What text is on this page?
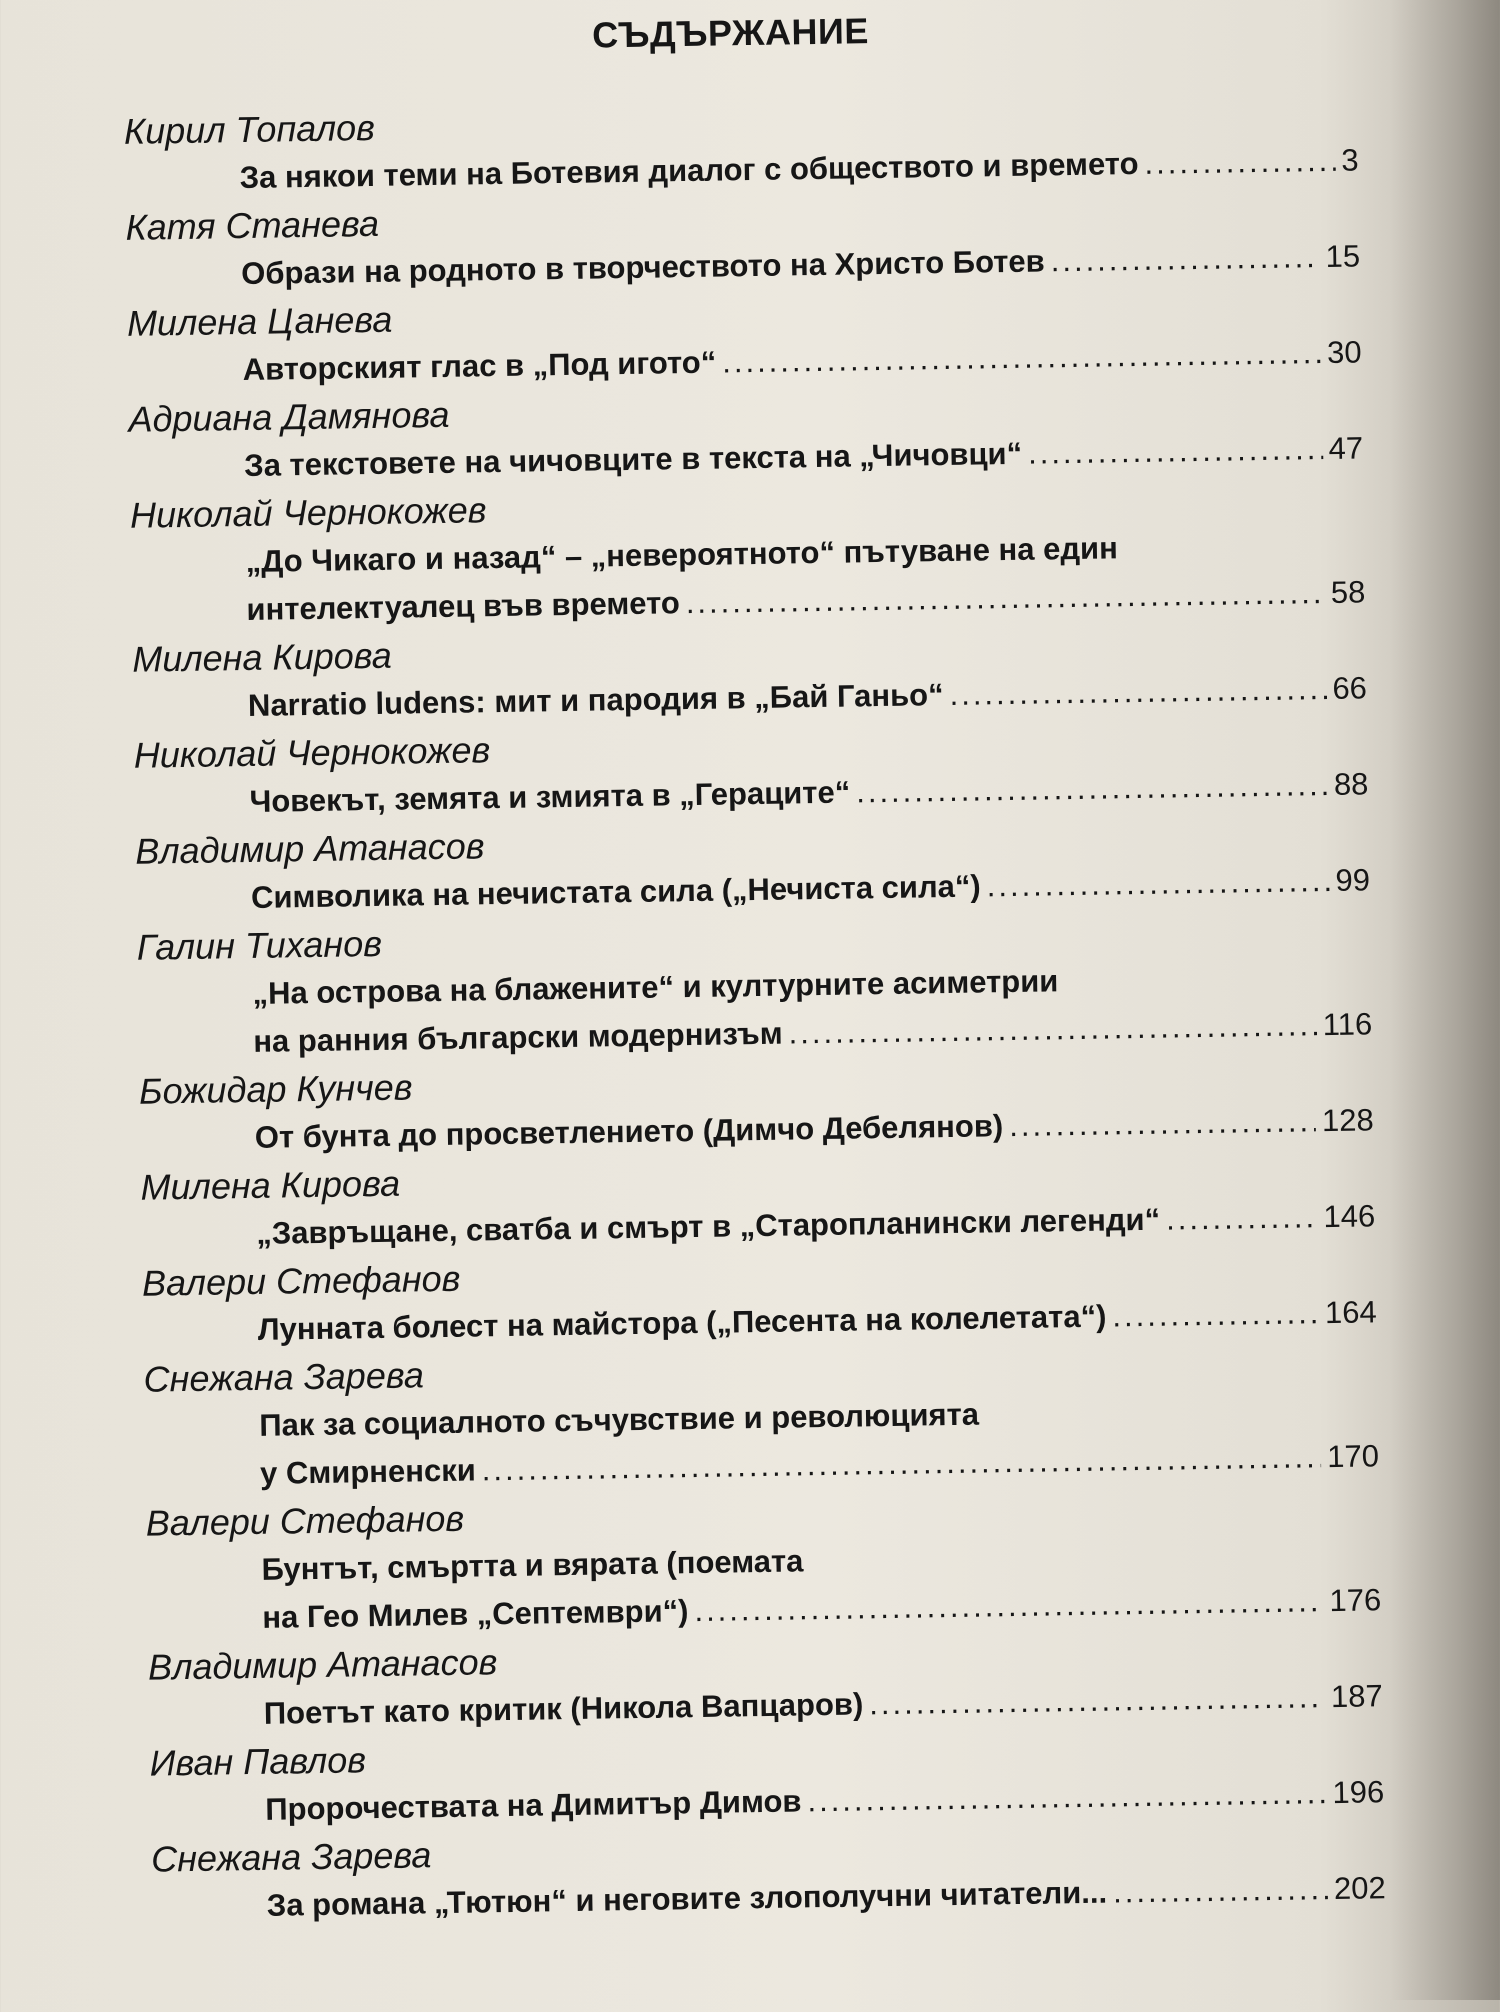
СЪДЪРЖАНИЕ
Кирил Топалов
За някои теми на Ботевия диалог с обществото и времето .....	3
Катя Станева
Образи на родното в творчеството на Христо Ботев .....	15
Милена Цанева
Авторският глас в „Под игото“ .....	30
Адриана Дамянова
За текстовете на чичовците в текста на „Чичовци“ .....	47
Николай Чернокожев
„До Чикаго и назад“ – „невероятното“ пътуване на един
интелектуалец във времето .....	58
Милена Кирова
Narratio ludens: мит и пародия в „Бай Ганьо“ .....	66
Николай Чернокожев
Човекът, земята и змията в „Гераците“ .....	88
Владимир Атанасов
Символика на нечистата сила („Нечиста сила“) .....	99
Галин Тиханов
„На острова на блажените“ и културните асиметрии
на ранния български модернизъм .....	116
Божидар Кунчев
От бунта до просветлението (Димчо Дебелянов) .....	128
Милена Кирова
„Завръщане, сватба и смърт в „Старопланински легенди“ .....	146
Валери Стефанов
Лунната болест на майстора („Песента на колелетата“) .....	164
Снежана Зарева
Пак за социалното съчувствие и революцията
у Смирненски .....	170
Валери Стефанов
Бунтът, смъртта и вярата (поемата
на Гео Милев „Септември“) .....	176
Владимир Атанасов
Поетът като критик (Никола Вапцаров) .....	187
Иван Павлов
Пророчествата на Димитър Димов .....	196
Снежана Зарева
За романа „Тютюн“ и неговите злополучни читатели... .....	202
